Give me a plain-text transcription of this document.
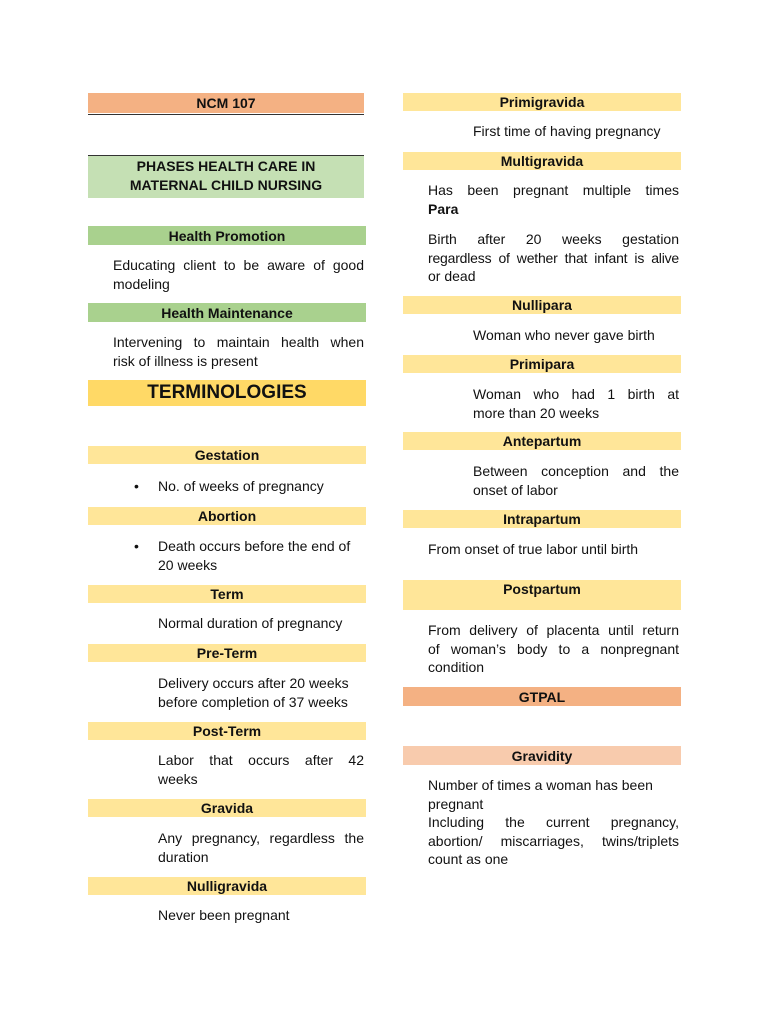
NCM 107
PHASES HEALTH CARE IN
MATERNAL CHILD NURSING
Health Promotion
Educating client to be aware of good
modeling
Health Maintenance
Intervening to maintain health when
risk of illness is present
TERMINOLOGIES
Gestation
• No. of weeks of pregnancy
Abortion
• Death occurs before the end of
20 weeks
Term
Normal duration of pregnancy
Pre-Term
Delivery occurs after 20 weeks
before completion of 37 weeks
Post-Term
Labor that occurs after 42
weeks
Gravida
Any pregnancy, regardless the
duration
Nulligravida
Never been pregnant
Primigravida
First time of having pregnancy
Multigravida
Has been pregnant multiple times
Para
Birth after 20 weeks gestation
regardless of wether that infant is alive
or dead
Nullipara
Woman who never gave birth
Primipara
Woman who had 1 birth at
more than 20 weeks
Antepartum
Between conception and the
onset of labor
Intrapartum
From onset of true labor until birth
Postpartum
From delivery of placenta until return
of woman’s body to a nonpregnant
condition
GTPAL
Gravidity
Number of times a woman has been
pregnant
Including the current pregnancy,
abortion/ miscarriages, twins/triplets
count as one
